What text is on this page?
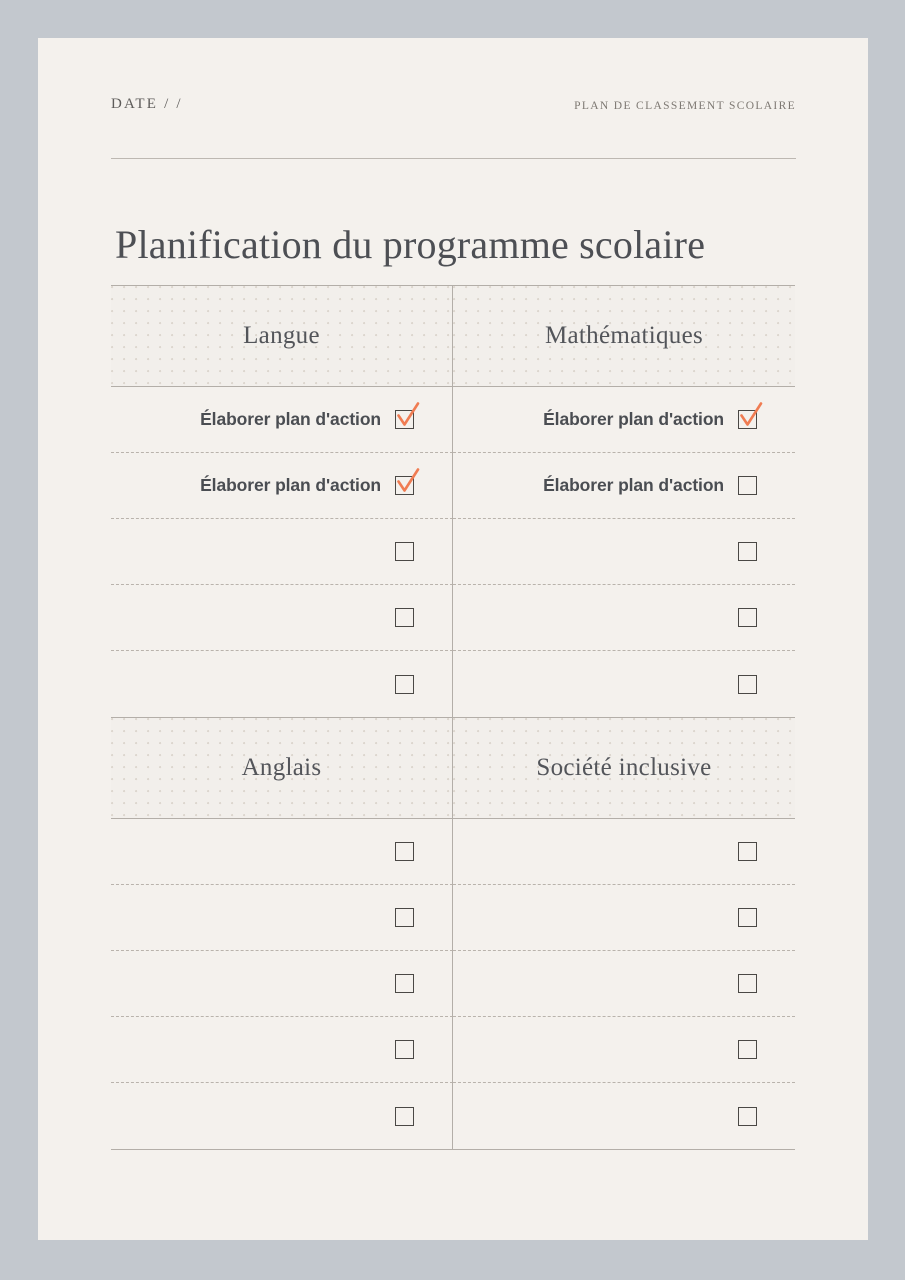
DATE / /	PLAN DE CLASSEMENT SCOLAIRE
Planification du programme scolaire
Langue	Mathématiques
Élaborer plan d'action	Élaborer plan d'action
Élaborer plan d'action	Élaborer plan d'action
Anglais	Société inclusive
